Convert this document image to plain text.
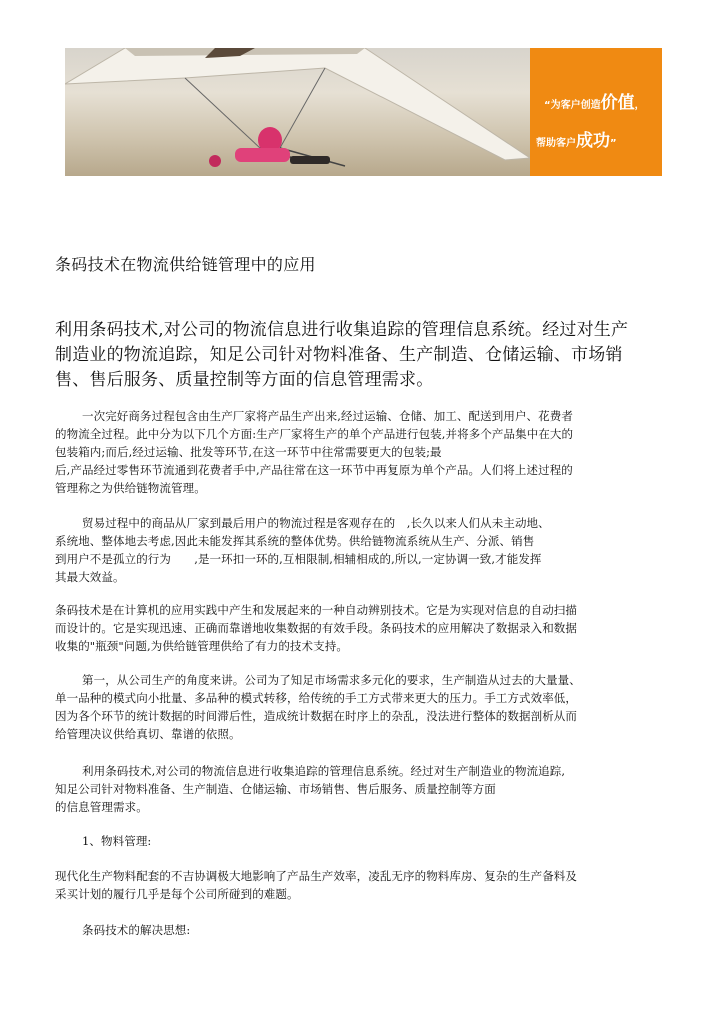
“为客户创造价值，
帮助客户成功”
条码技术在物流供给链管理中的应用
利用条码技术,对公司的物流信息进行收集追踪的管理信息系统。经过对生产
制造业的物流追踪，知足公司针对物料准备、生产制造、仓储运输、市场销
售、售后服务、质量控制等方面的信息管理需求。
一次完好商务过程包含由生产厂家将产品生产出来,经过运输、仓储、加工、配送到用户、花费者
的物流全过程。此中分为以下几个方面:生产厂家将生产的单个产品进行包装,并将多个产品集中在大的
包装箱内;而后,经过运输、批发等环节,在这一环节中往常需要更大的包装;最
后,产品经过零售环节流通到花费者手中,产品往常在这一环节中再复原为单个产品。人们将上述过程的
管理称之为供给链物流管理。
贸易过程中的商品从厂家到最后用户的物流过程是客观存在的　,长久以来人们从未主动地、
系统地、整体地去考虑,因此未能发挥其系统的整体优势。供给链物流系统从生产、分派、销售
到用户不是孤立的行为　　,是一环扣一环的,互相限制,相辅相成的,所以,一定协调一致,才能发挥
其最大效益。
条码技术是在计算机的应用实践中产生和发展起来的一种自动辨别技术。它是为实现对信息的自动扫描
而设计的。它是实现迅速、正确而靠谱地收集数据的有效手段。条码技术的应用解决了数据录入和数据
收集的"瓶颈"问题,为供给链管理供给了有力的技术支持。
第一，从公司生产的角度来讲。公司为了知足市场需求多元化的要求，生产制造从过去的大量量、
单一品种的模式向小批量、多品种的模式转移，给传统的手工方式带来更大的压力。手工方式效率低，
因为各个环节的统计数据的时间滞后性，造成统计数据在时序上的杂乱，没法进行整体的数据剖析从而
给管理决议供给真切、靠谱的依照。
利用条码技术,对公司的物流信息进行收集追踪的管理信息系统。经过对生产制造业的物流追踪,
知足公司针对物料准备、生产制造、仓储运输、市场销售、售后服务、质量控制等方面
的信息管理需求。
1、物料管理:
现代化生产物料配套的不吉协调极大地影响了产品生产效率，凌乱无序的物料库房、复杂的生产备料及
采买计划的履行几乎是每个公司所碰到的难题。
条码技术的解决思想:
